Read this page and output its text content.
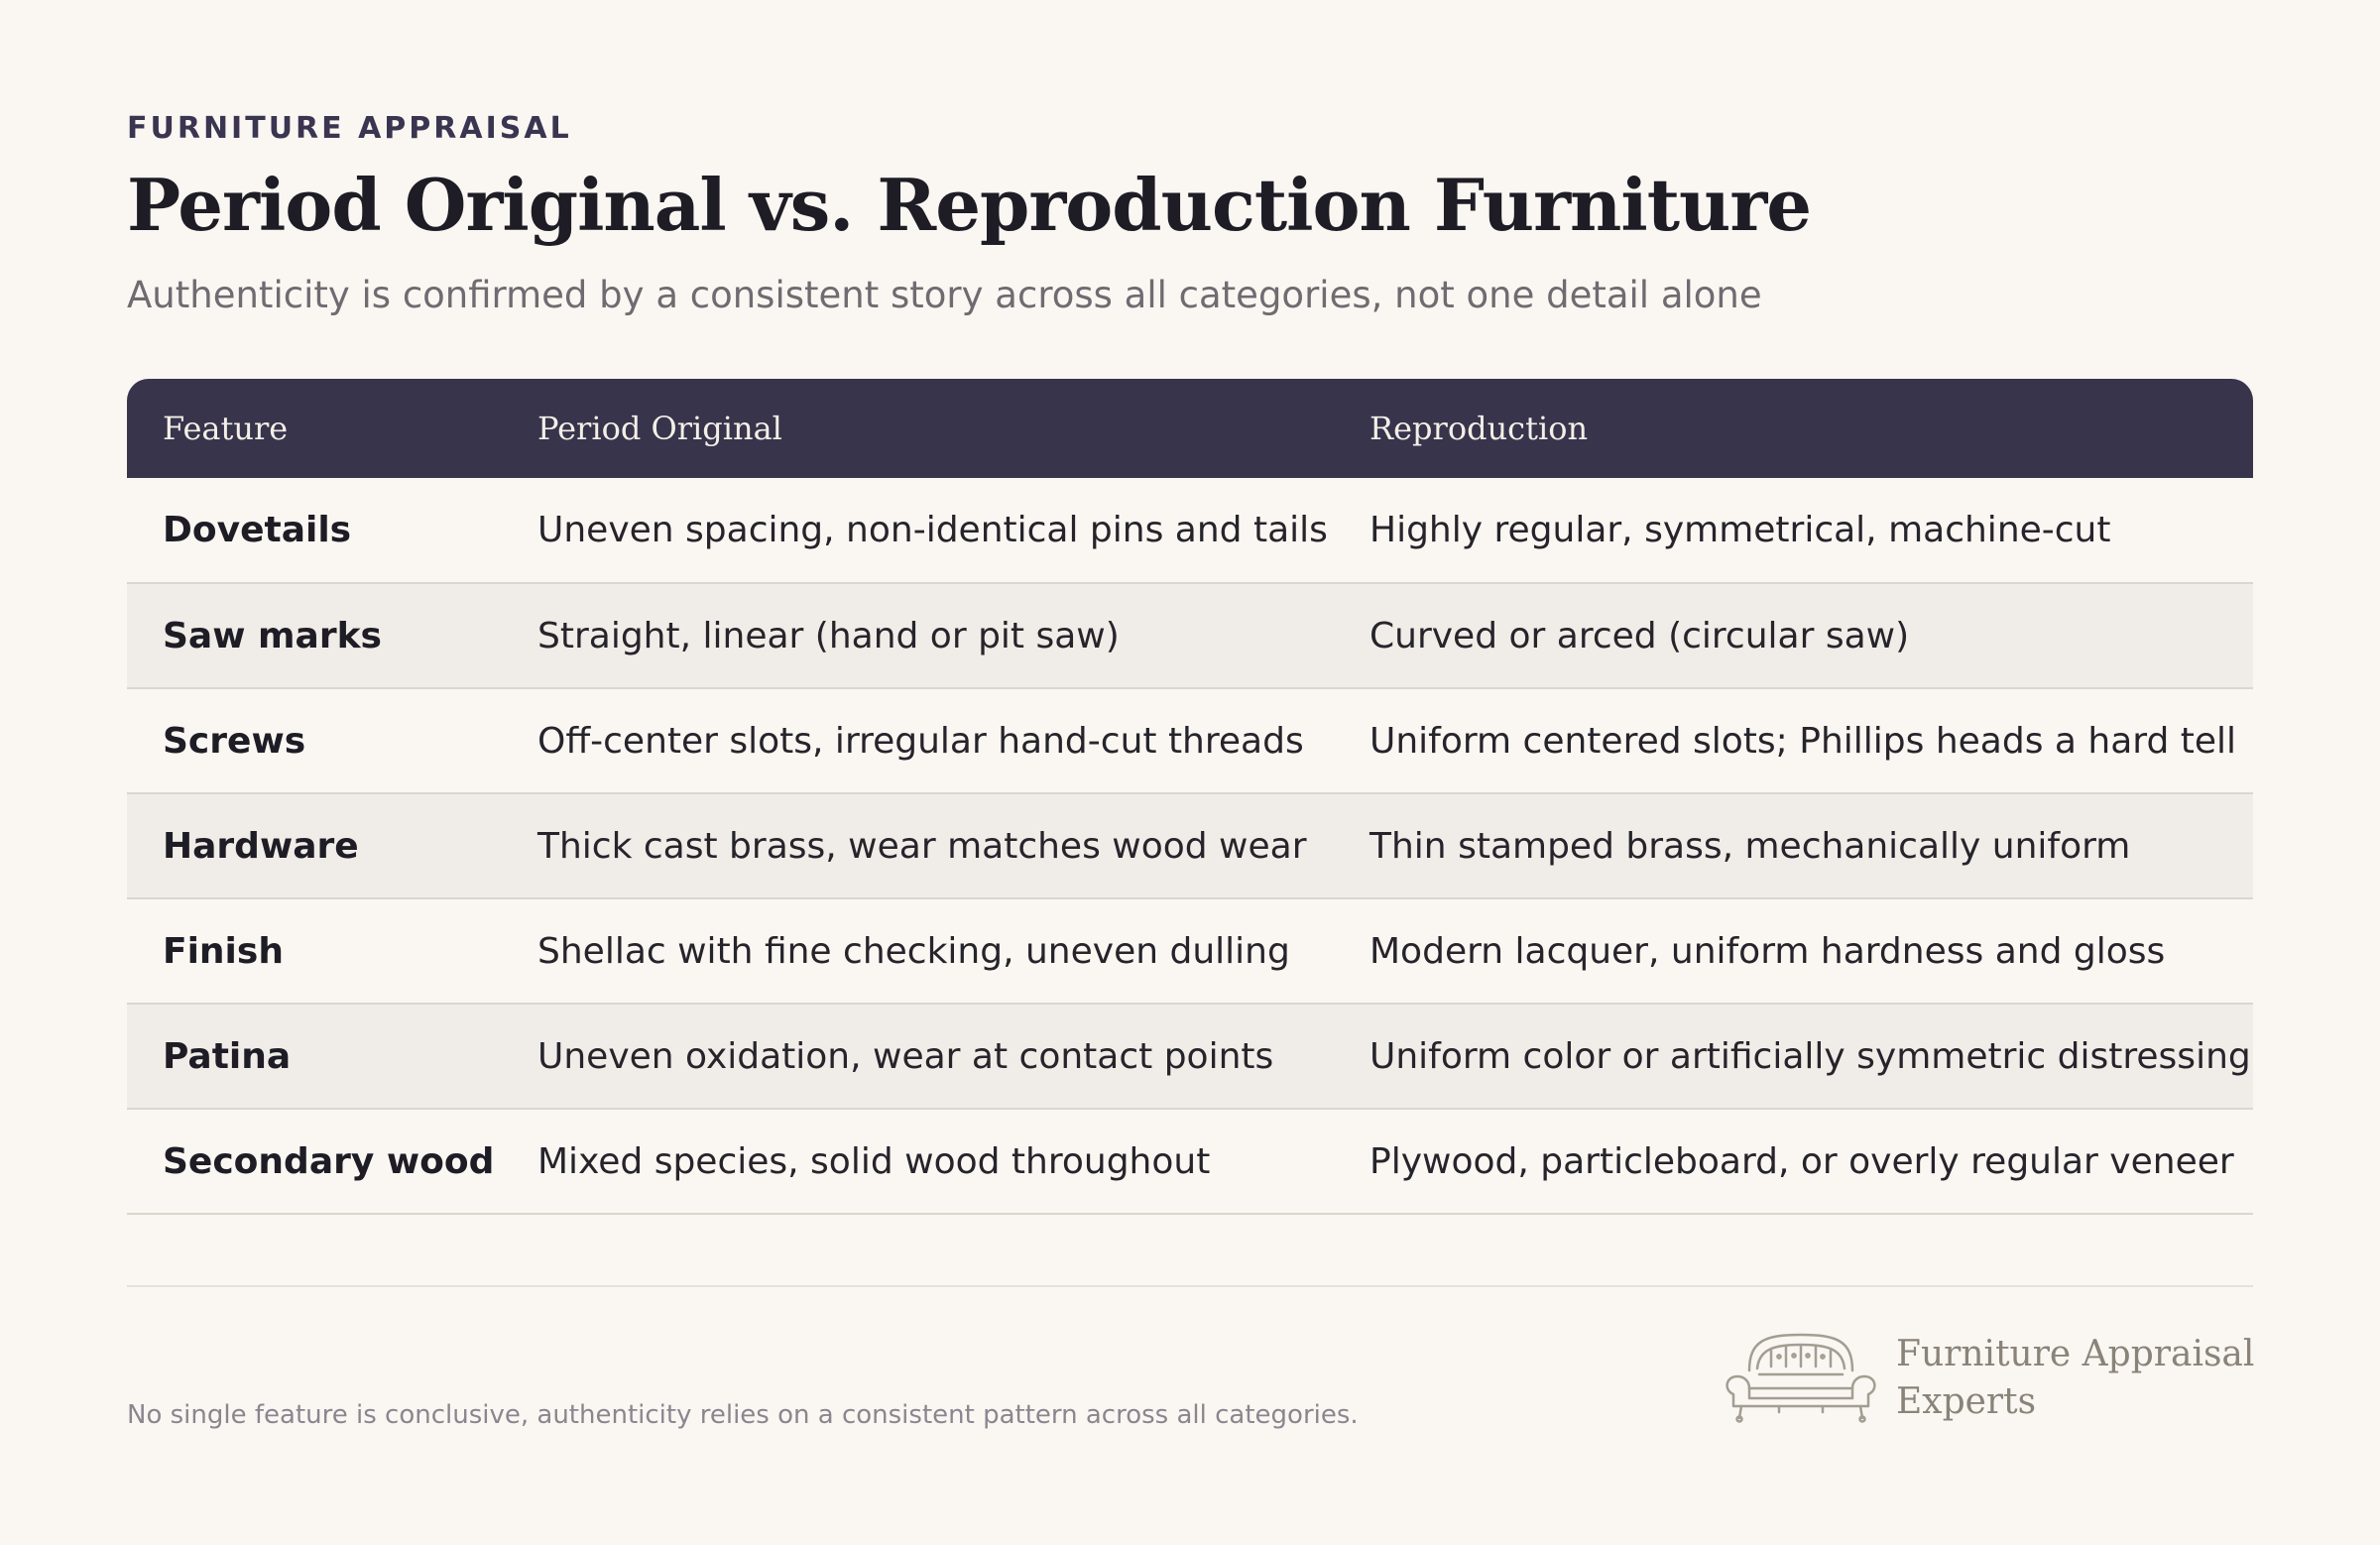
FURNITURE APPRAISAL
Period Original vs. Reproduction Furniture
Authenticity is confirmed by a consistent story across all categories, not one detail alone
Feature	Period Original	Reproduction
Dovetails	Uneven spacing, non-identical pins and tails	Highly regular, symmetrical, machine-cut
Saw marks	Straight, linear (hand or pit saw)	Curved or arced (circular saw)
Screws	Off-center slots, irregular hand-cut threads	Uniform centered slots; Phillips heads a hard tell
Hardware	Thick cast brass, wear matches wood wear	Thin stamped brass, mechanically uniform
Finish	Shellac with fine checking, uneven dulling	Modern lacquer, uniform hardness and gloss
Patina	Uneven oxidation, wear at contact points	Uniform color or artificially symmetric distressing
Secondary wood	Mixed species, solid wood throughout	Plywood, particleboard, or overly regular veneer
No single feature is conclusive, authenticity relies on a consistent pattern across all categories.
Furniture Appraisal
Experts
